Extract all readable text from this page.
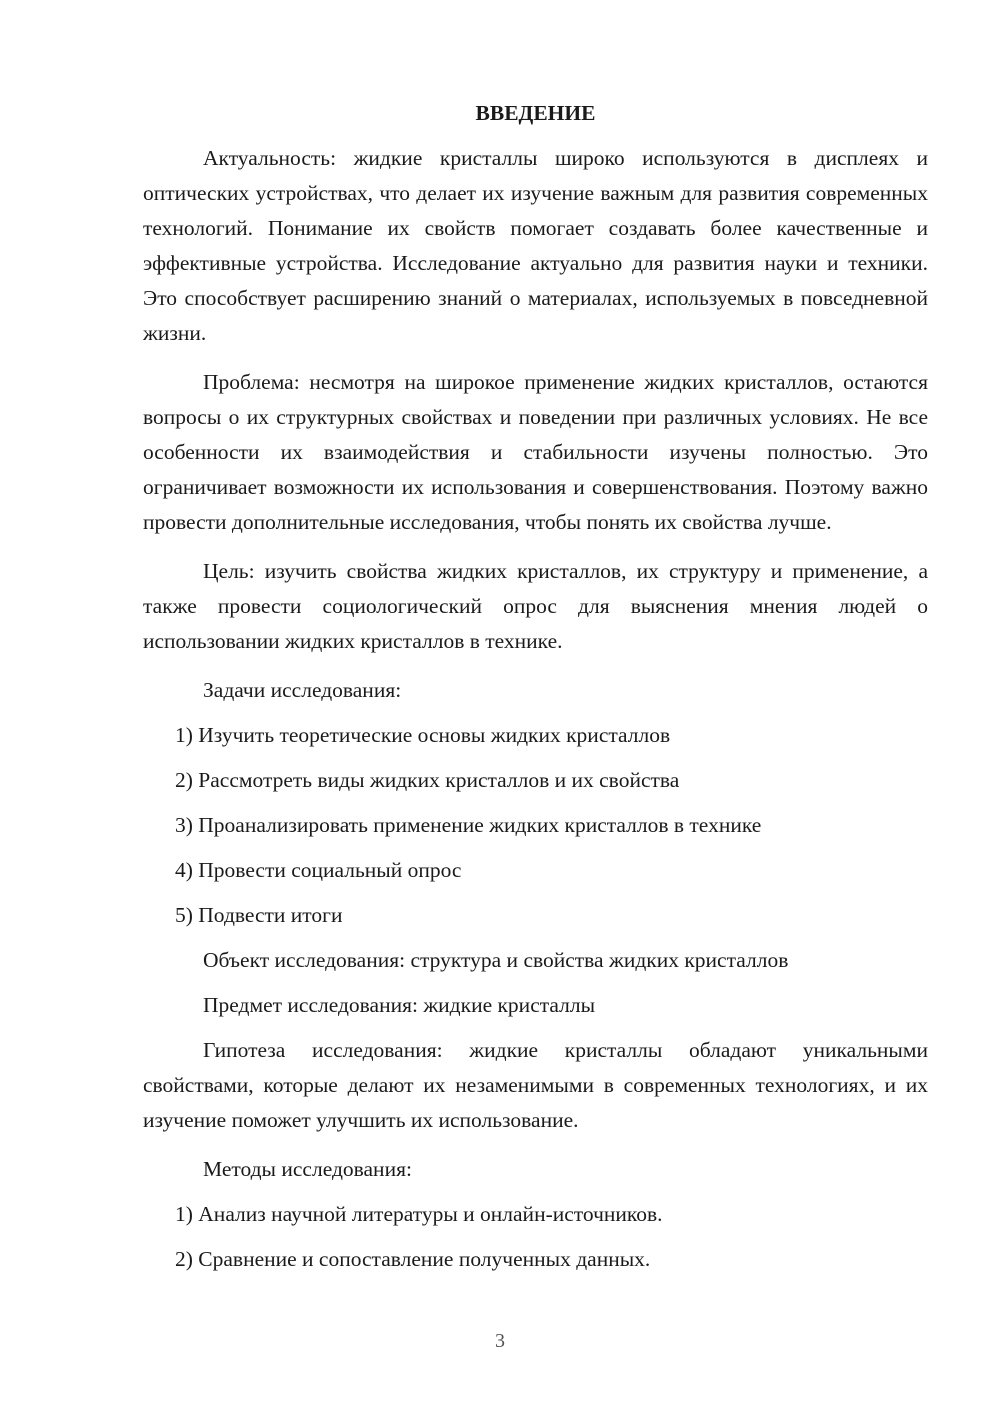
ВВЕДЕНИЕ

Актуальность: жидкие кристаллы широко используются в дисплеях и оптических устройствах, что делает их изучение важным для развития современных технологий. Понимание их свойств помогает создавать более качественные и эффективные устройства. Исследование актуально для развития науки и техники. Это способствует расширению знаний о материалах, используемых в повседневной жизни.

Проблема: несмотря на широкое применение жидких кристаллов, остаются вопросы о их структурных свойствах и поведении при различных условиях. Не все особенности их взаимодействия и стабильности изучены полностью. Это ограничивает возможности их использования и совершенствования. Поэтому важно провести дополнительные исследования, чтобы понять их свойства лучше.

Цель: изучить свойства жидких кристаллов, их структуру и применение, а также провести социологический опрос для выяснения мнения людей о использовании жидких кристаллов в технике.

Задачи исследования:

1) Изучить теоретические основы жидких кристаллов
2) Рассмотреть виды жидких кристаллов и их свойства
3) Проанализировать применение жидких кристаллов в технике
4) Провести социальный опрос
5) Подвести итоги

Объект исследования: структура и свойства жидких кристаллов

Предмет исследования: жидкие кристаллы

Гипотеза исследования: жидкие кристаллы обладают уникальными свойствами, которые делают их незаменимыми в современных технологиях, и их изучение поможет улучшить их использование.

Методы исследования:

1) Анализ научной литературы и онлайн-источников.
2) Сравнение и сопоставление полученных данных.
3
